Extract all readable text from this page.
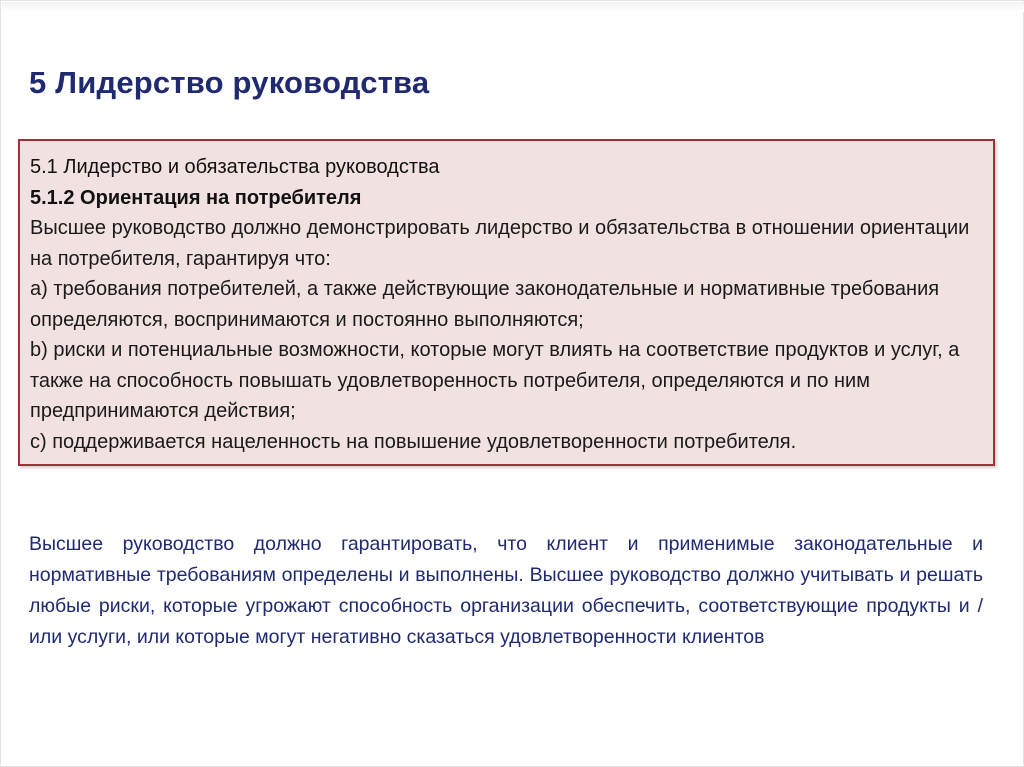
5 Лидерство руководства

5.1 Лидерство и обязательства руководства

5.1.2 Ориентация на потребителя

Высшее руководство должно демонстрировать лидерство и обязательства в отношении ориентации на потребителя, гарантируя что:

a) требования потребителей, а также действующие законодательные и нормативные требования определяются, воспринимаются и постоянно выполняются;

b) риски и потенциальные возможности, которые могут влиять на соответствие продуктов и услуг, а также на способность повышать удовлетворенность потребителя, определяются и по ним предпринимаются действия;

c) поддерживается нацеленность на повышение удовлетворенности потребителя.

Высшее руководство должно гарантировать, что клиент и применимые законодательные и нормативные требованиям определены и выполнены. Высшее руководство должно учитывать и решать любые риски, которые угрожают способность организации обеспечить, соответствующие продукты и / или услуги, или которые могут негативно сказаться удовлетворенности клиентов
